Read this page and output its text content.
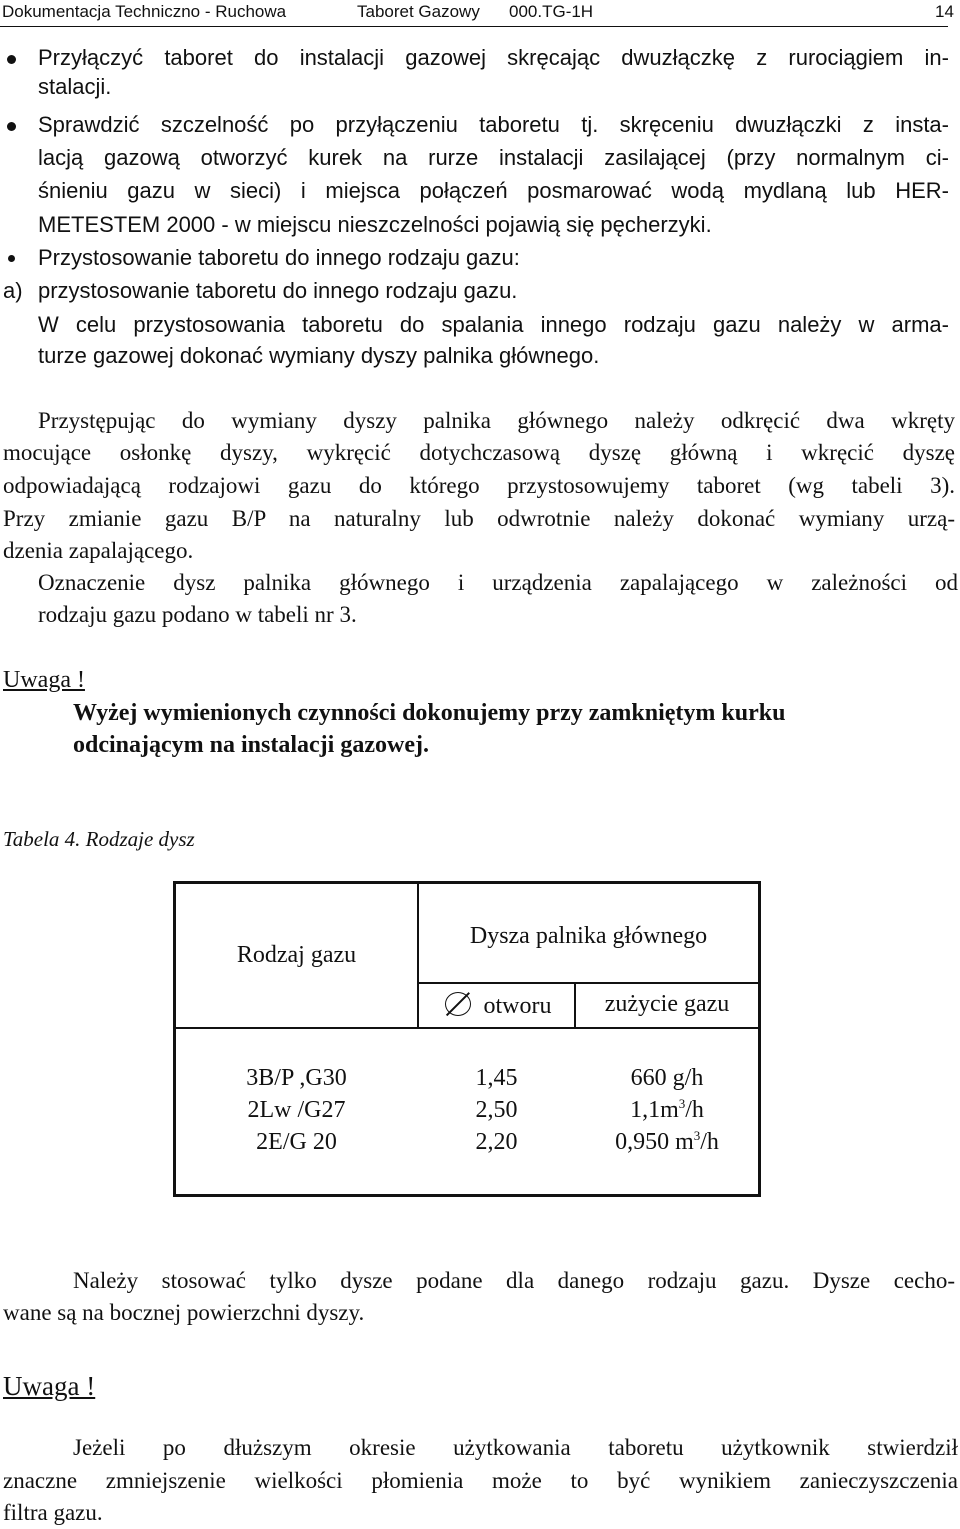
Dokumentacja Techniczno - Ruchowa	Taboret Gazowy 000.TG-1H	14
Przyłączyć taboret do instalacji gazowej skręcając dwuzłączkę z rurociągiem in-
stalacji.
Sprawdzić szczelność po przyłączeniu taboretu tj. skręceniu dwuzłączki z insta-
lacją gazową otworzyć kurek na rurze instalacji zasilającej (przy normalnym ci-
śnieniu gazu w sieci) i miejsca połączeń posmarować wodą mydlaną lub HER-
METESTEM 2000 - w miejscu nieszczelności pojawią się pęcherzyki.
Przystosowanie taboretu do innego rodzaju gazu:
a) przystosowanie taboretu do innego rodzaju gazu.
W celu przystosowania taboretu do spalania innego rodzaju gazu należy w arma-
turze gazowej dokonać wymiany dyszy palnika głównego.
Przystępując do wymiany dyszy palnika głównego należy odkręcić dwa wkręty
mocujące osłonkę dyszy, wykręcić dotychczasową dyszę główną i wkręcić dyszę
odpowiadającą rodzajowi gazu do którego przystosowujemy taboret (wg tabeli 3).
Przy zmianie gazu B/P na naturalny lub odwrotnie należy dokonać wymiany urzą-
dzenia zapalającego.
Oznaczenie dysz palnika głównego i urządzenia zapalającego w zależności od
rodzaju gazu podano w tabeli nr 3.
Uwaga !
Wyżej wymienionych czynności dokonujemy przy zamkniętym kurku
odcinającym na instalacji gazowej.
Tabela 4. Rodzaje dysz
Rodzaj gazu
Dysza palnika głównego
otworu	zużycie gazu
3B/P ,G30	1,45	660 g/h
2Lw /G27	2,50	$1,1m^3/h$
2E/G 20	2,20	0,950 $m^3/h$
Należy stosować tylko dysze podane dla danego rodzaju gazu. Dysze cecho-
wane są na bocznej powierzchni dyszy.
Uwaga !
Jeżeli po dłuższym okresie użytkowania taboretu użytkownik stwierdził
znaczne zmniejszenie wielkości płomienia może to być wynikiem zanieczyszczenia
filtra gazu.
